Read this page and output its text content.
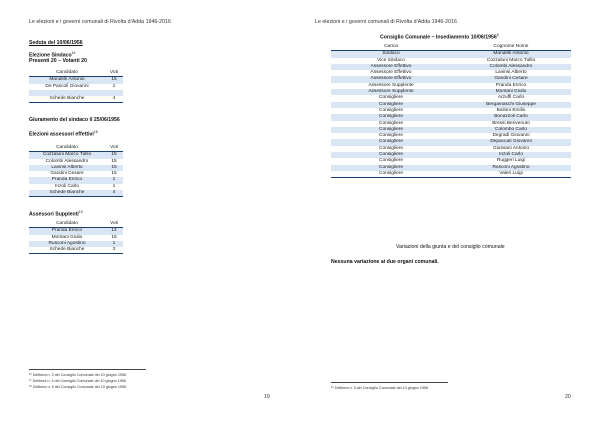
Le elezioni e i governi comunali di Rivolta d’Adda 1946-2016
Seduta del 10/06/1956
Elezione Sindaco$^{16}$
Presenti 20 – Votanti 20
Candidato	Voti
Mandelli Antonio	15
De Pascoli Giovanni	1

Schede Bianche	4
Giuramento del sindaco il 25/06/1956
Elezioni assessori effettivi$^{18}$
Candidato	Voti
Cozzaluni Marco Tullio	15
Colombi Alessandro	15
Lavinsi Alberto	15
Gandini Cesare	15
Pranda Enrico	1
Inzoli Carlo	1
Schede Bianche	4
Assessori Supplenti$^{19}$
Candidato	Voti
Pranda Enrico	14
Montani Giulio	16
Rusconi Agostino	1
Schede Bianche	3
¹⁶ Delibera n. 3 del Consiglio Comunale del 10 giugno 1956
¹⁷ Delibera n. 4 del Consiglio Comunale del 10 giugno 1956
¹⁸ Delibera n. 5 del Consiglio Comunale del 10 giugno 1956
19
Le elezioni e i governi comunali di Rivolta d’Adda 1946-2016
Consiglio Comunale – Insediamento 10/06/1956$^8$
Carica	Cognome Nome
Sindaco	Mandelli Antonio
Vice Sindaco	Cozzaluni Marco Tullio
Assessore Effettivo	Colombi Alessandro
Assessore Effettivo	Lavinsi Alberto
Assessore Effettivo	Gandini Cesare
Assessore Supplente	Pranda Enrico
Assessore Supplente	Montani Giulio
Consigliere	Arzuffi Carlo
Consigliere	Bergamaschi Giuseppe
Consigliere	Boiloni Emilio
Consigliere	Bonazzoli Carlo
Consigliere	Bressi Benvenuto
Consigliere	Colombo Carlo
Consigliere	Degradi Giovanni
Consigliere	Depaccati Giovanni
Consigliere	Giussani Antonio
Consigliere	Inzoli Carlo
Consigliere	Ruggeri Luigi
Consigliere	Rusconi Agostino
Consigliere	Valeri Luigi
Variazioni della giunta e del consiglio comunale
Nessuna variazione ai due organi comunali.
¹⁹ Delibera n. 3 del Consiglio Comunale del 10 giugno 1956
20
